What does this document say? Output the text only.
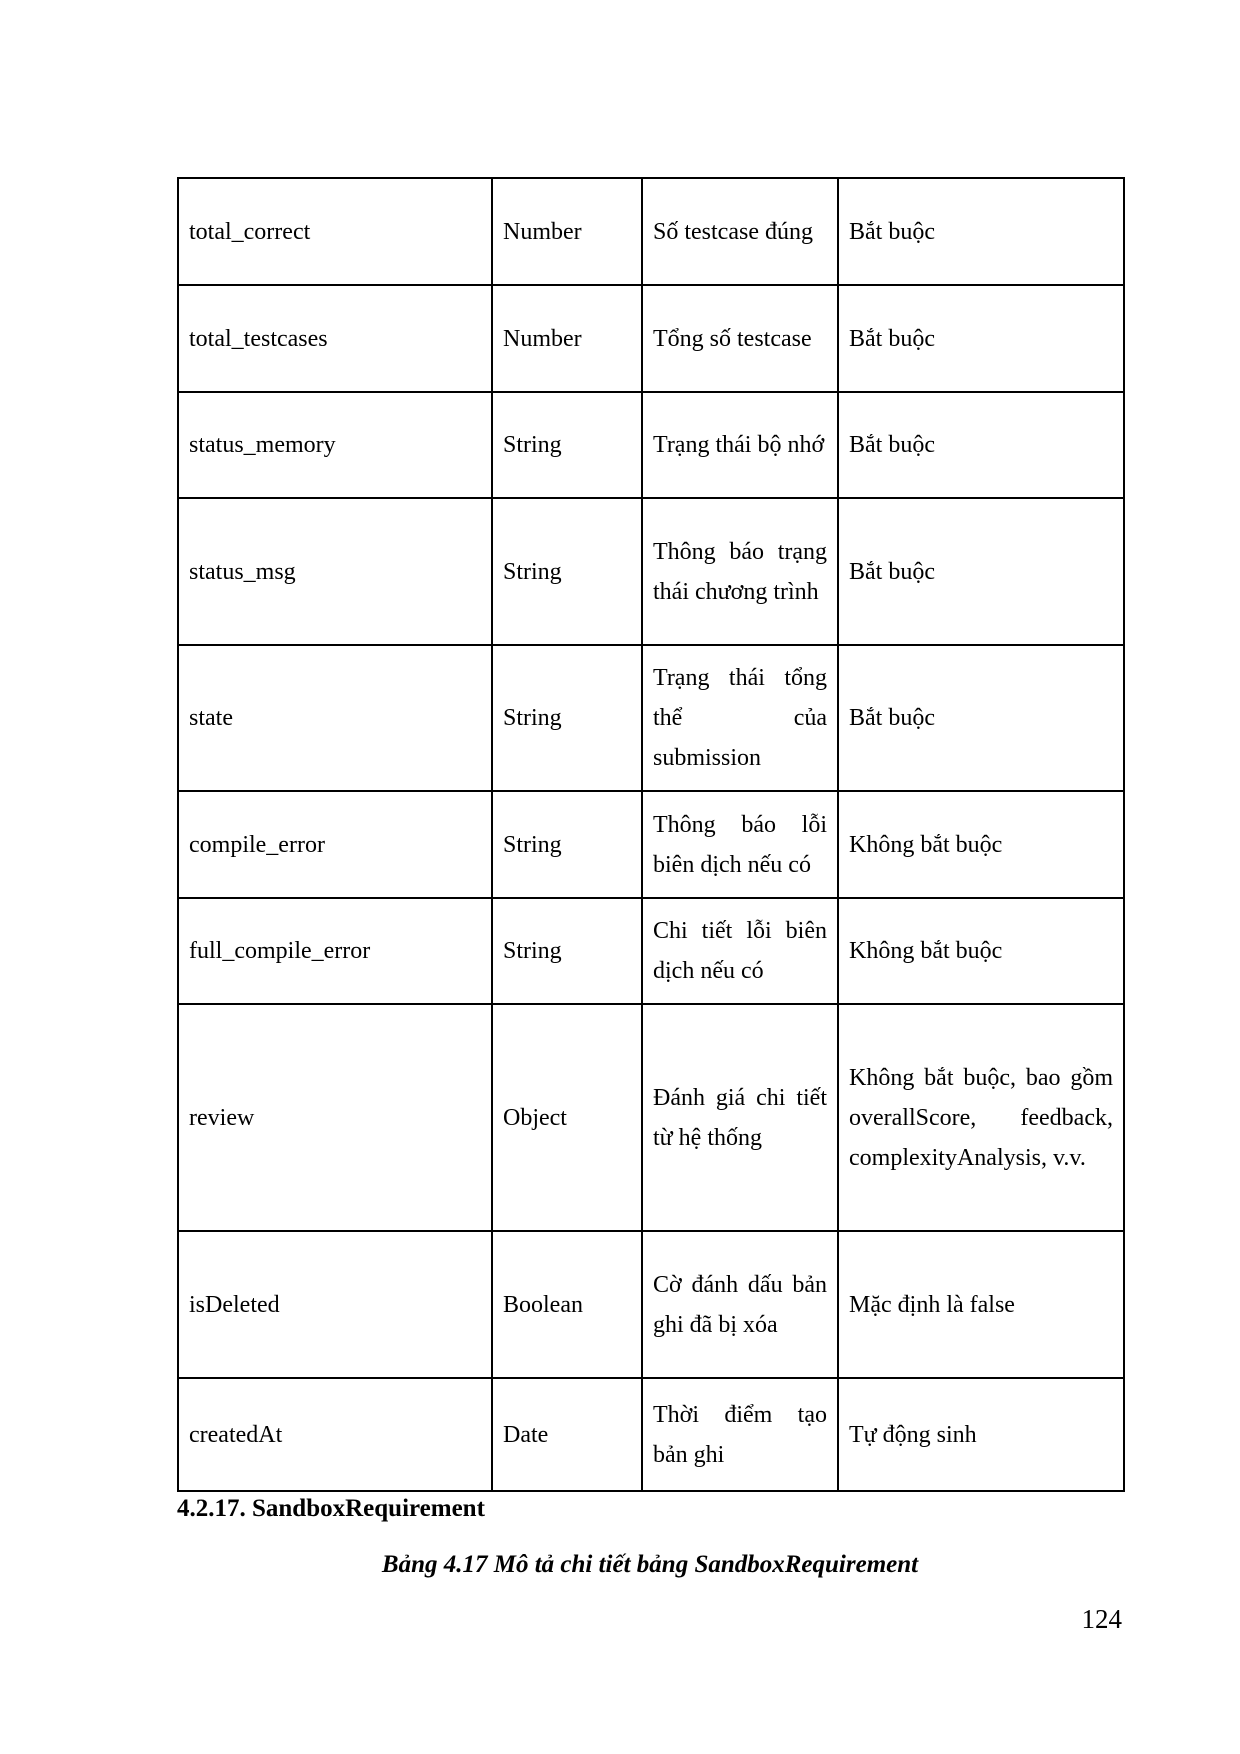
total_correct	Number	Số testcase đúng	Bắt buộc
total_testcases	Number	Tổng số testcase	Bắt buộc
status_memory	String	Trạng thái bộ nhớ	Bắt buộc
status_msg	String	Thông báo trạng thái chương trình	Bắt buộc
state	String	Trạng thái tổng thể của submission	Bắt buộc
compile_error	String	Thông báo lỗi biên dịch nếu có	Không bắt buộc
full_compile_error	String	Chi tiết lỗi biên dịch nếu có	Không bắt buộc
review	Object	Đánh giá chi tiết từ hệ thống	Không bắt buộc, bao gồm overallScore, feedback, complexityAnalysis, v.v.
isDeleted	Boolean	Cờ đánh dấu bản ghi đã bị xóa	Mặc định là false
createdAt	Date	Thời điểm tạo bản ghi	Tự động sinh
4.2.17. SandboxRequirement
Bảng 4.17 Mô tả chi tiết bảng SandboxRequirement
124
